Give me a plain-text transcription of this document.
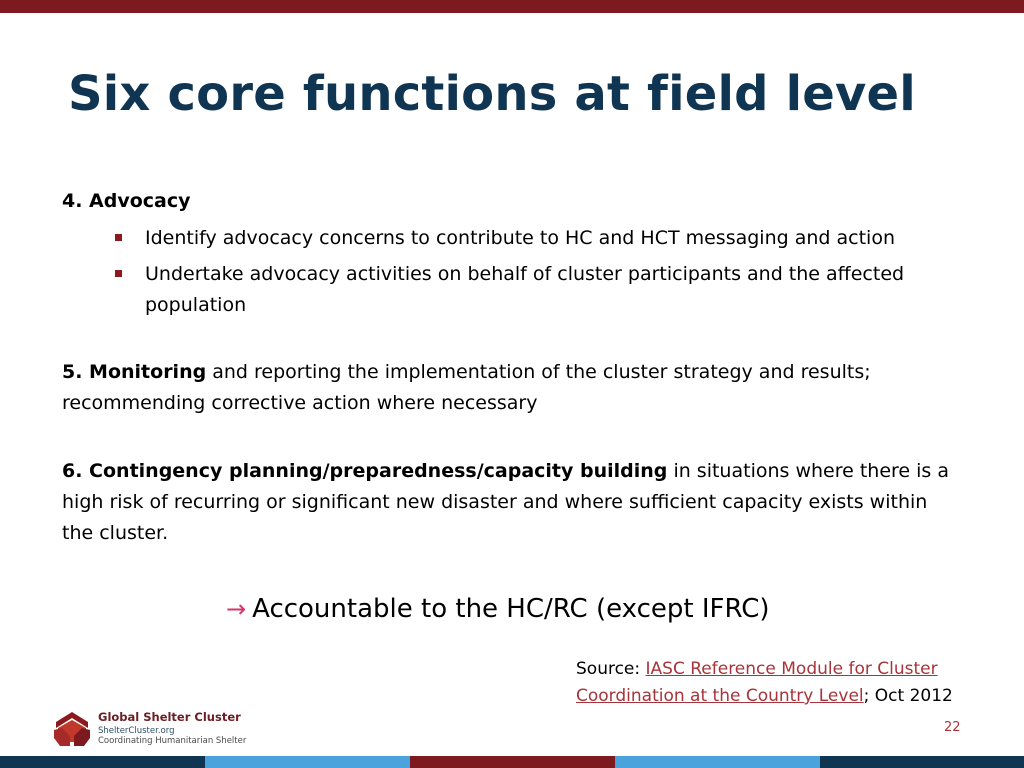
Six core functions at field level
4. Advocacy
Identify advocacy concerns to contribute to HC and HCT messaging and action
Undertake advocacy activities on behalf of cluster participants and the affected population
5. Monitoring and reporting the implementation of the cluster strategy and results; recommending corrective action where necessary
6. Contingency planning/preparedness/capacity building in situations where there is a high risk of recurring or significant new disaster and where sufficient capacity exists within the cluster.
→ Accountable to the HC/RC (except IFRC)
Source: IASC Reference Module for Cluster Coordination at the Country Level; Oct 2012
Global Shelter Cluster
ShelterCluster.org
Coordinating Humanitarian Shelter
22
